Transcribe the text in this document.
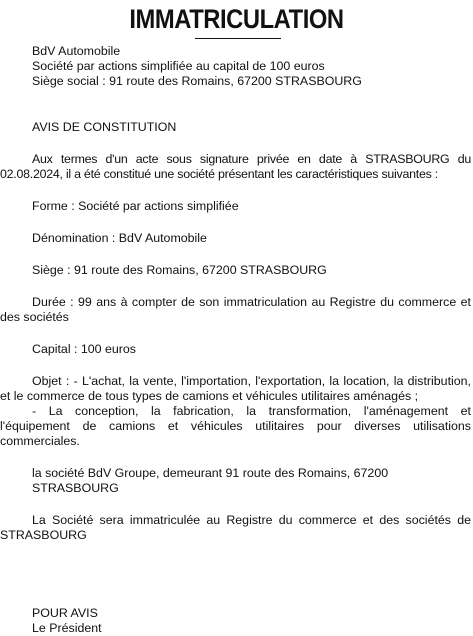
IMMATRICULATION

BdV Automobile

Société par actions simplifiée au capital de 100 euros

Siège social : 91 route des Romains, 67200 STRASBOURG

AVIS DE CONSTITUTION

Aux termes d'un acte sous signature privée en date à STRASBOURG du 02.08.2024, il a été constitué une société présentant les caractéristiques suivantes :

Forme : Société par actions simplifiée

Dénomination : BdV Automobile

Siège : 91 route des Romains, 67200 STRASBOURG

Durée : 99 ans à compter de son immatriculation au Registre du commerce et des sociétés

Capital : 100 euros

Objet : - L'achat, la vente, l'importation, l'exportation, la location, la distribution, et le commerce de tous types de camions et véhicules utilitaires aménagés ;

- La conception, la fabrication, la transformation, l'aménagement et l'équipement de camions et véhicules utilitaires pour diverses utilisations commerciales.

la société BdV Groupe, demeurant 91 route des Romains, 67200 STRASBOURG

La Société sera immatriculée au Registre du commerce et des sociétés de STRASBOURG

POUR AVIS

Le Président
